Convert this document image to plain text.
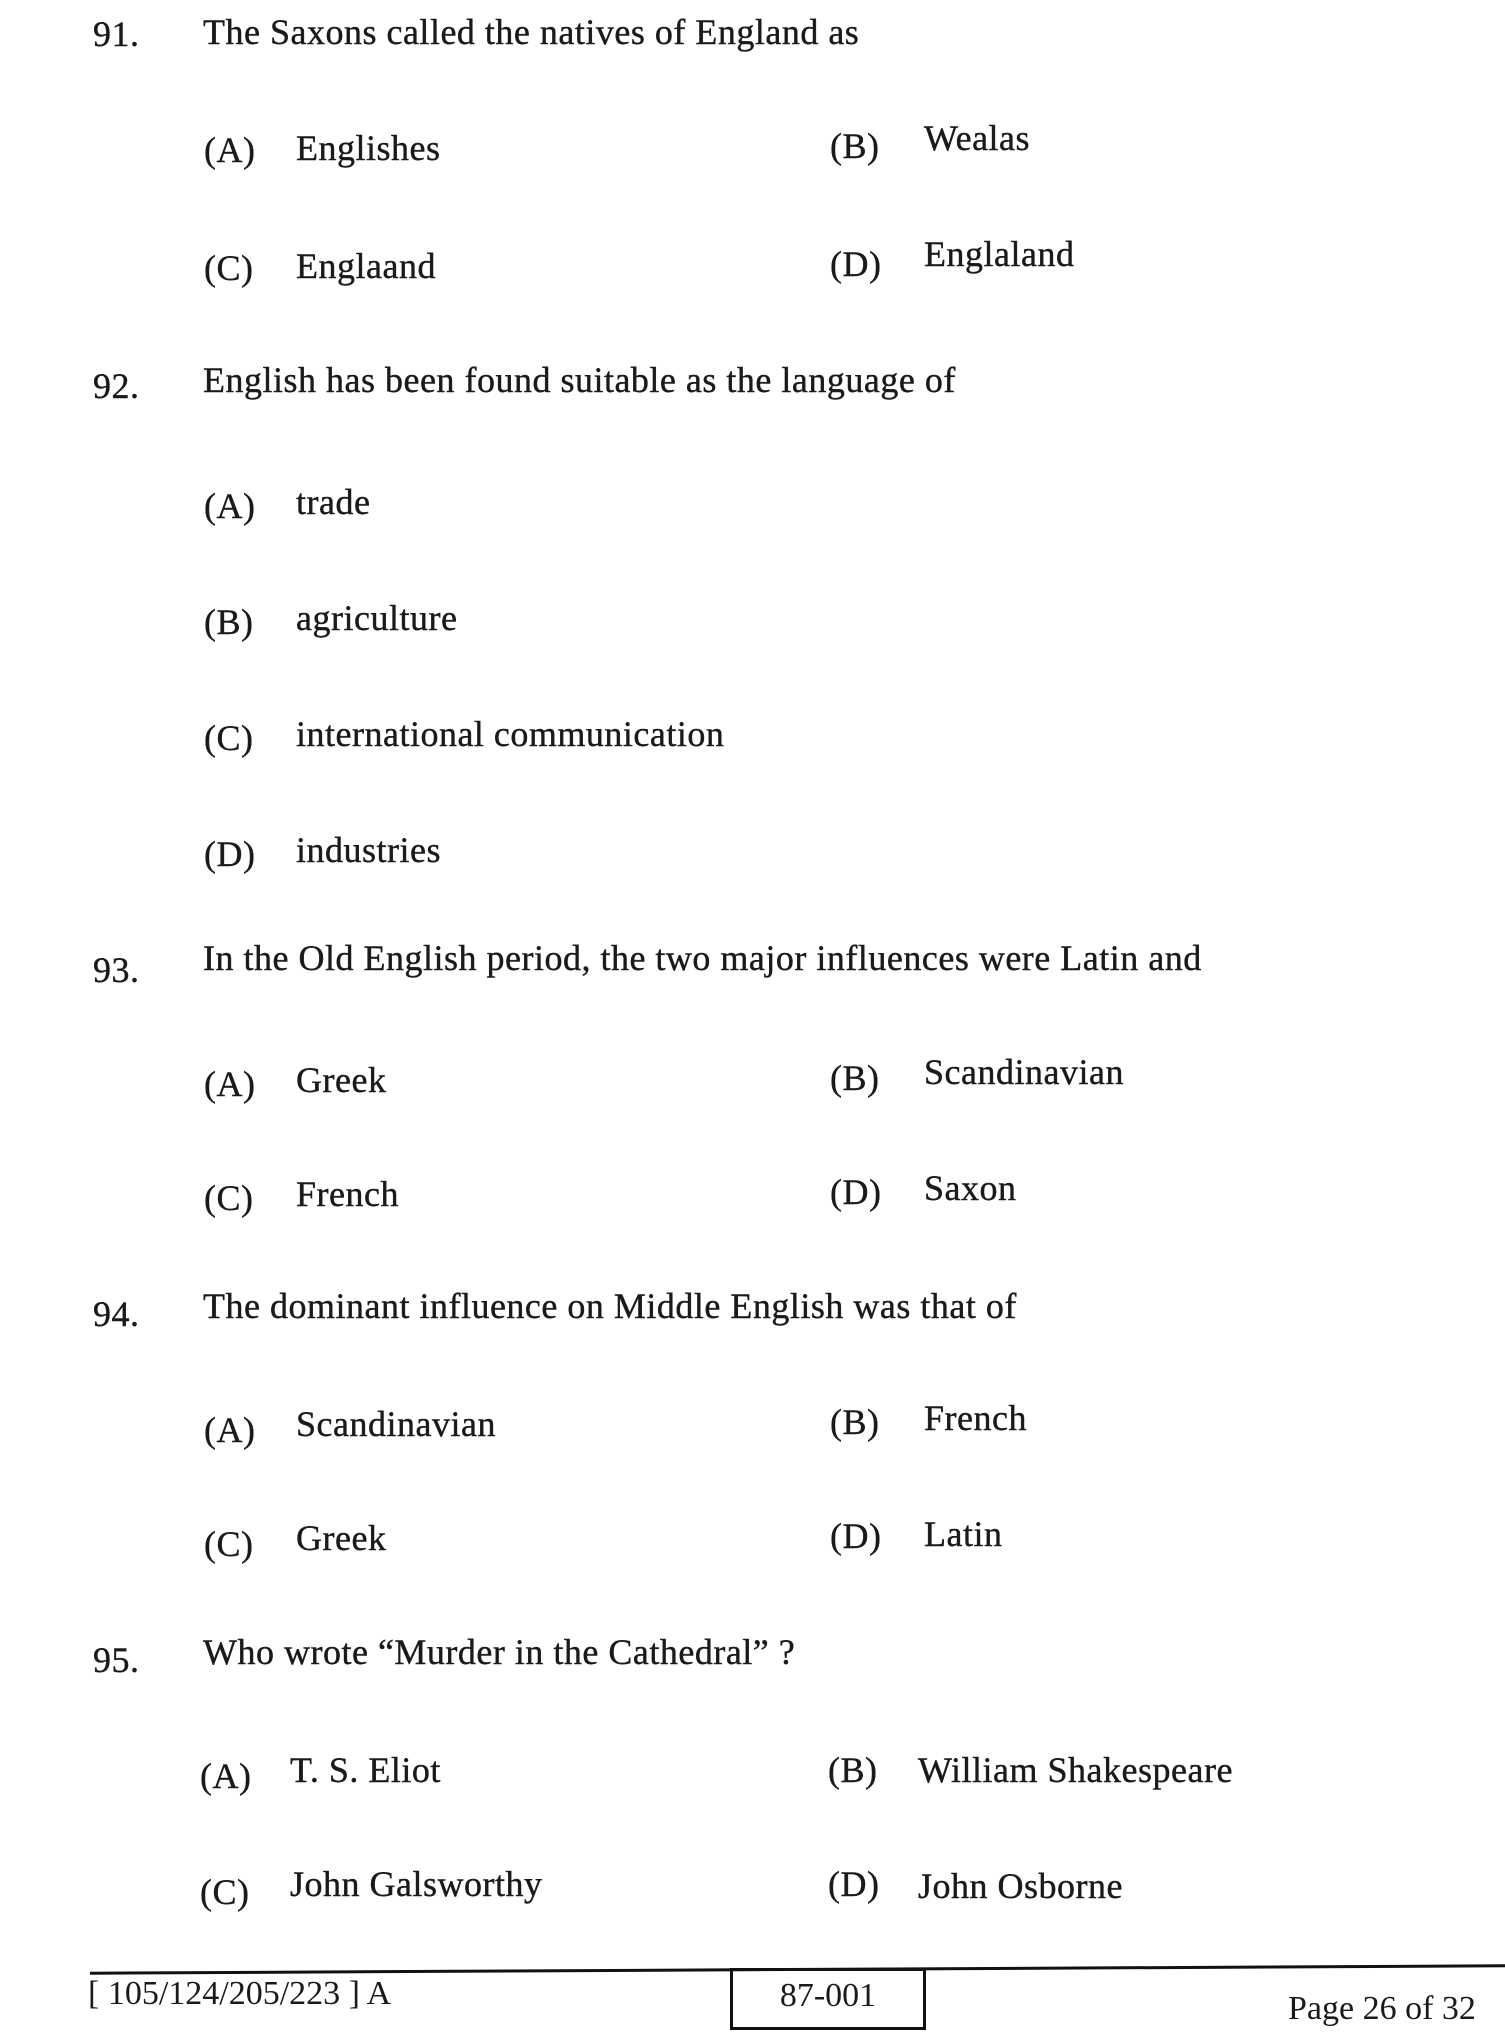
91. The Saxons called the natives of England as
(A) Englishes	(B) Wealas
(C) Englaand	(D) Englaland
92. English has been found suitable as the language of
(A) trade
(B) agriculture
(C) international communication
(D) industries
93. In the Old English period, the two major influences were Latin and
(A) Greek	(B) Scandinavian
(C) French	(D) Saxon
94. The dominant influence on Middle English was that of
(A) Scandinavian	(B) French
(C) Greek	(D) Latin
95. Who wrote “Murder in the Cathedral” ?
(A) T. S. Eliot	(B) William Shakespeare
(C) John Galsworthy	(D) John Osborne
[ 105/124/205/223 ] A	87-001	Page 26 of 32
